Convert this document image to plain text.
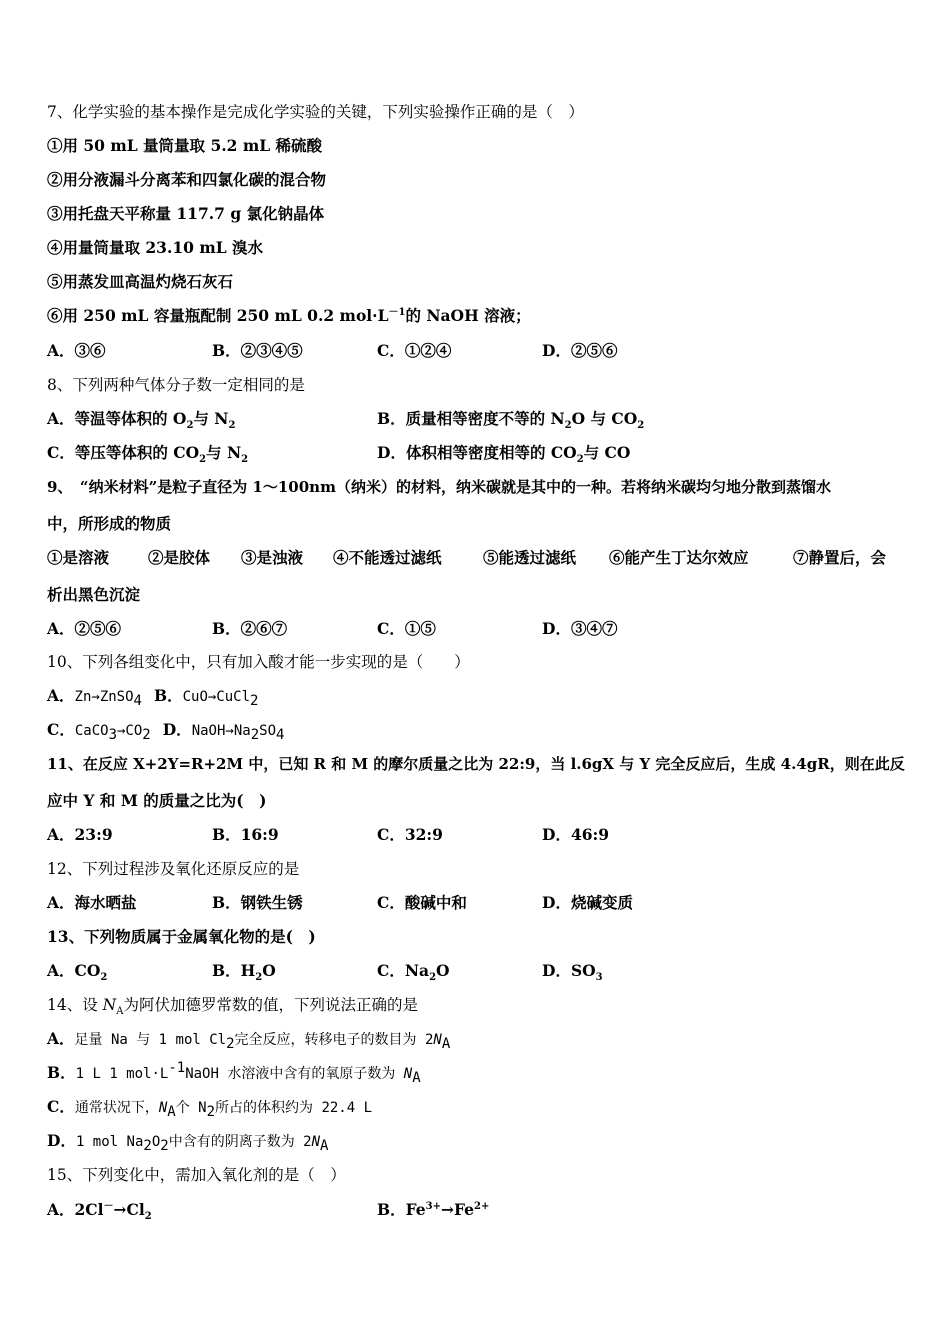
7、化学实验的基本操作是完成化学实验的关键，下列实验操作正确的是（　）
①用 50 mL 量筒量取 5.2 mL 稀硫酸
②用分液漏斗分离苯和四氯化碳的混合物
③用托盘天平称量 117.7 g 氯化钠晶体
④用量筒量取 23.10 mL 溴水
⑤用蒸发皿高温灼烧石灰石
⑥用 250 mL 容量瓶配制 250 mL 0.2 $mol\cdot L^{-1}$的 NaOH 溶液；
A．③⑥	B．②③④⑤	C．①②④	D．②⑤⑥
8、下列两种气体分子数一定相同的是
A．等温等体积的 $O_2$与 $N_2$	B．质量相等密度不等的 $N_2O$ 与 $CO_2$
C．等压等体积的 $CO_2$与 $N_2$	D．体积相等密度相等的 $CO_2$与 CO
9、　“纳米材料”是粒子直径为 1～100nm（纳米）的材料，纳米碳就是其中的一种。若将纳米碳均匀地分散到蒸馏水
中，所形成的物质
①是溶液	②是胶体 ③是浊液 ④不能透过滤纸	⑤能透过滤纸 ⑥能产生丁达尔效应	⑦静置后，会
析出黑色沉淀
A．②⑤⑥	B．②⑥⑦	C．①⑤	D．③④⑦
10、下列各组变化中，只有加入酸才能一步实现的是（　　）
A．Zn→ZnSO$_4$ B．CuO→CuCl$_2$
C．$CaCO_3\to CO_2$ D．$NaOH\to Na_2SO_4$
11、在反应 X+2Y=R+2M 中，已知 R 和 M 的摩尔质量之比为 22:9，当 l.6gX 与 Y 完全反应后，生成 4.4gR，则在此反
应中 Y 和 M 的质量之比为(　)
A．23:9	B．16:9	C．32:9	D．46:9
12、下列过程涉及氧化还原反应的是
A．海水晒盐	B．钢铁生锈	C．酸碱中和	D．烧碱变质
13、下列物质属于金属氧化物的是(　)
A．$CO_2$	B．$H_2O$	C．$Na_2O$	D．$SO_3$
14、设 $N_A$为阿伏加德罗常数的值，下列说法正确的是
A．足量 Na 与 1 mol $Cl_2$完全反应，转移电子的数目为 $2N_A$
B．1 L 1 $mol\cdot L^{-1}NaOH$ 水溶液中含有的氧原子数为 $N_A$
C．通常状况下，$N_A$个 $N_2$所占的体积约为 22.4 L
D．1 mol $Na_2O_2$中含有的阴离子数为 $2N_A$
15、下列变化中，需加入氧化剂的是（　）
A．$2Cl^-\to Cl_2$	B．$Fe^{3+}\to Fe^{2+}$
